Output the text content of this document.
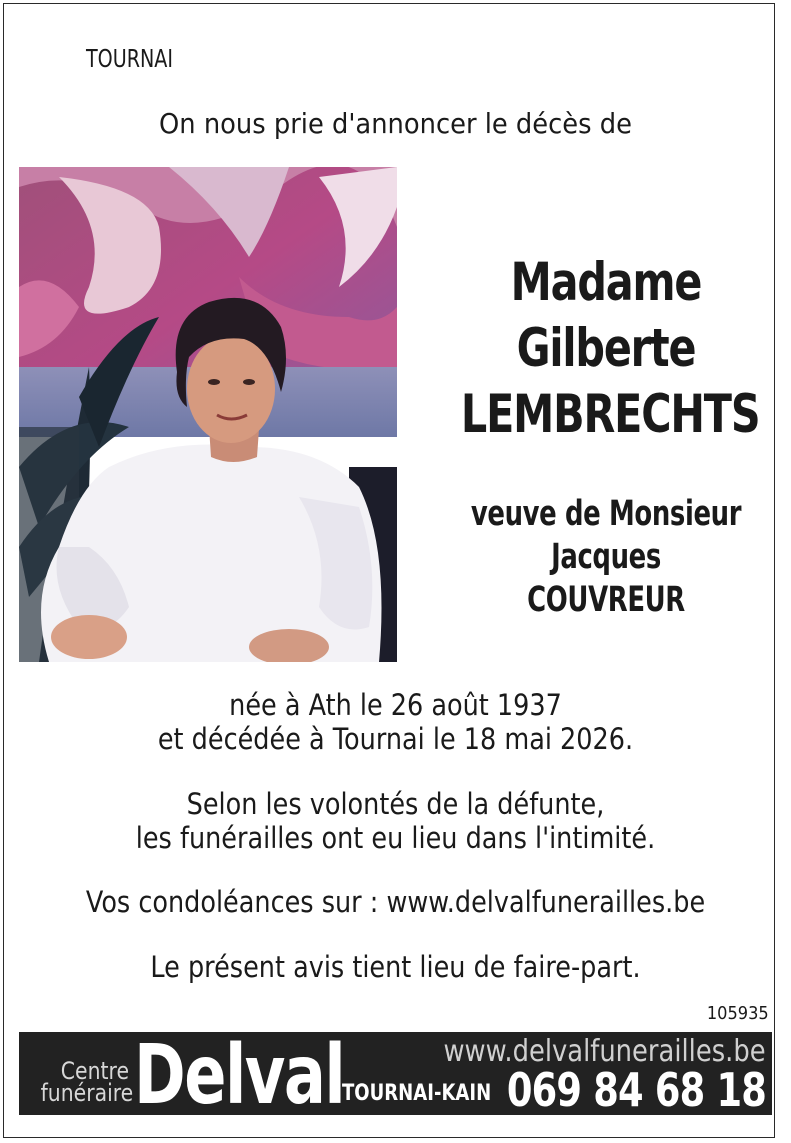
TOURNAI
On nous prie d'annoncer le décès de
Madame
Gilberte
LEMBRECHTS
veuve de Monsieur
Jacques COUVREUR
née à Ath le 26 août 1937
et décédée à Tournai le 18 mai 2026.
Selon les volontés de la défunte,
les funérailles ont eu lieu dans l'intimité.
Vos condoléances sur : www.delvalfunerailles.be
Le présent avis tient lieu de faire-part.
105935
Centre
funéraire Delval	www.delvalfunerailles.be
TOURNAI-KAIN 069 84 68 18
